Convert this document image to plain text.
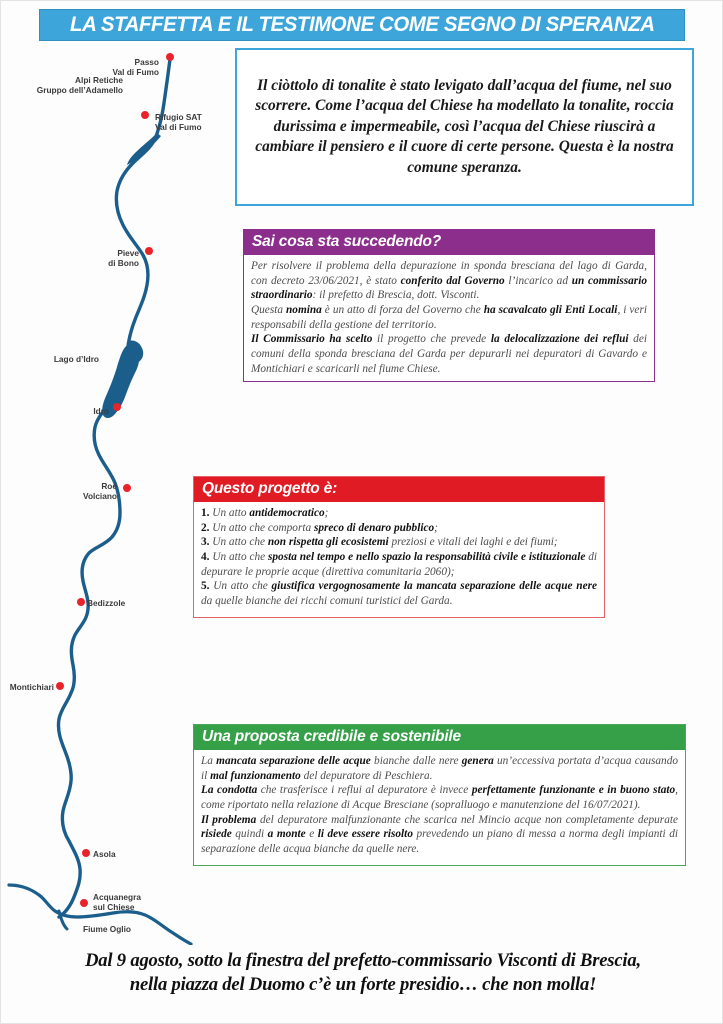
LA STAFFETTA E IL TESTIMONE COME SEGNO DI SPERANZA
Passo
Val di Fumo
Alpi Retiche
Gruppo dell’Adamello
Rifugio SAT
Val di Fumo
Pieve
di Bono
Lago d’Idro
Idro
Roè
Volciano
Bedizzole
Montichiari
Asola
Acquanegra
sul Chiese
Fiume Oglio
Il ciòttolo di tonalite è stato levigato dall’acqua del fiume, nel suo scorrere. Come l’acqua del Chiese ha modellato la tonalite, roccia durissima e impermeabile, così l’acqua del Chiese riuscirà a cambiare il pensiero e il cuore di certe persone. Questa è la nostra comune speranza.
Sai cosa sta succedendo?

Per risolvere il problema della depurazione in sponda bresciana del lago di Garda, con decreto 23/06/2021, è stato conferito dal Governo l’incarico ad un commissario straordinario: il prefetto di Brescia, dott. Visconti.

Questa nomina è un atto di forza del Governo che ha scavalcato gli Enti Locali, i veri responsabili della gestione del territorio.

Il Commissario ha scelto il progetto che prevede la delocalizzazione dei reflui dei comuni della sponda bresciana del Garda per depurarli nei depuratori di Gavardo e Montichiari e scaricarli nel fiume Chiese.

Questo progetto è:

1. Un atto antidemocratico;

2. Un atto che comporta spreco di denaro pubblico;

3. Un atto che non rispetta gli ecosistemi preziosi e vitali dei laghi e dei fiumi;

4. Un atto che sposta nel tempo e nello spazio la responsabilità civile e istituzionale di depurare le proprie acque (direttiva comunitaria 2060);

5. Un atto che giustifica vergognosamente la mancata separazione delle acque nere da quelle bianche dei ricchi comuni turistici del Garda.

Una proposta credibile e sostenibile

La mancata separazione delle acque bianche dalle nere genera un’eccessiva portata d’acqua causando il mal funzionamento del depuratore di Peschiera.

La condotta che trasferisce i reflui al depuratore è invece perfettamente funzionante e in buono stato, come riportato nella relazione di Acque Bresciane (sopralluogo e manutenzione del 16/07/2021).

Il problema del depuratore malfunzionante che scarica nel Mincio acque non completamente depurate risiede quindi a monte e li deve essere risolto prevedendo un piano di messa a norma degli impianti di separazione delle acqua bianche da quelle nere.

Dal 9 agosto, sotto la finestra del prefetto-commissario Visconti di Brescia,
nella piazza del Duomo c’è un forte presidio… che non molla!
